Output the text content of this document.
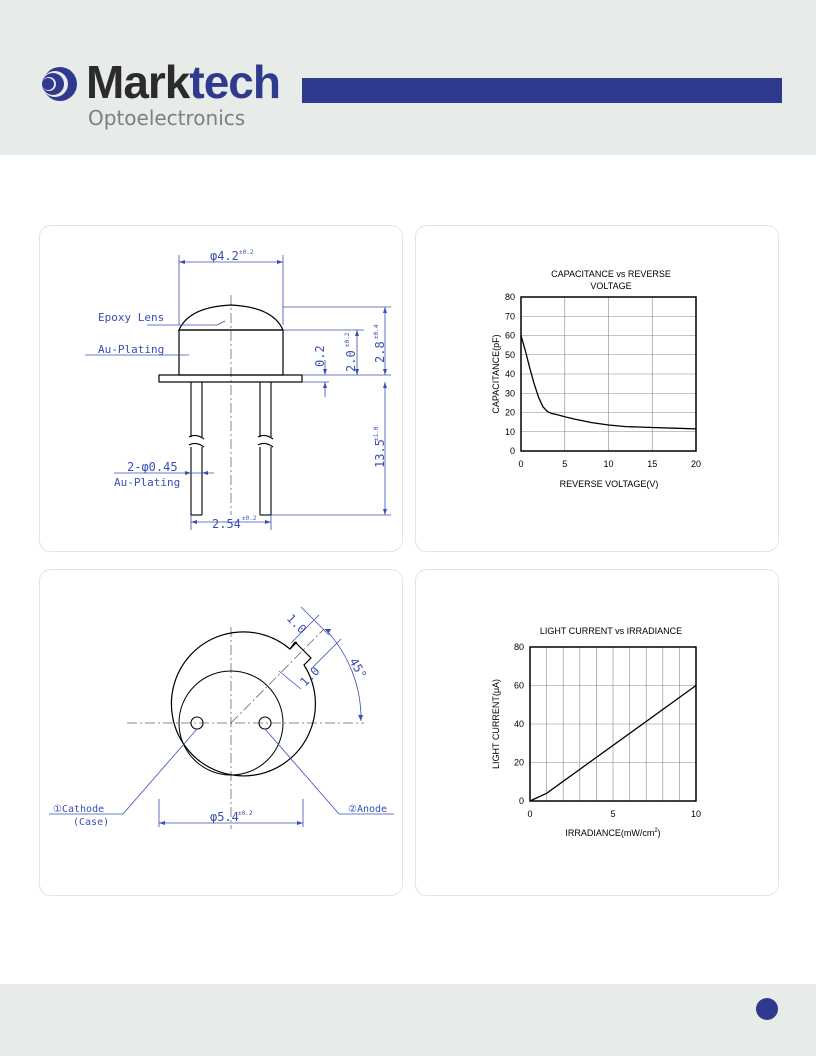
Marktech
Optoelectronics
φ4.2 ±0.2
Epoxy Lens
Au-Plating	0.2 2.0
±0.2
2.8
±0.4
13.5
±1.0
2-φ0.45
Au-Plating
2.54 ±0.2
1.0
1.0 45°
①Cathode
(Case)
②Anode
φ5.4 ±0.2
CAPACITANCE vs REVERSE
VOLTAGE
0
10
20
30
40
50
60
70
80
0	5	10	15	20
REVERSE VOLTAGE(V)
CAPACITANCE(pF)
LIGHT CURRENT vs IRRADIANCE
0
20
40
60
80
0	5	10
$IRRADIANCE(mW/cm^2)$
LIGHT CURRENT(μA)
